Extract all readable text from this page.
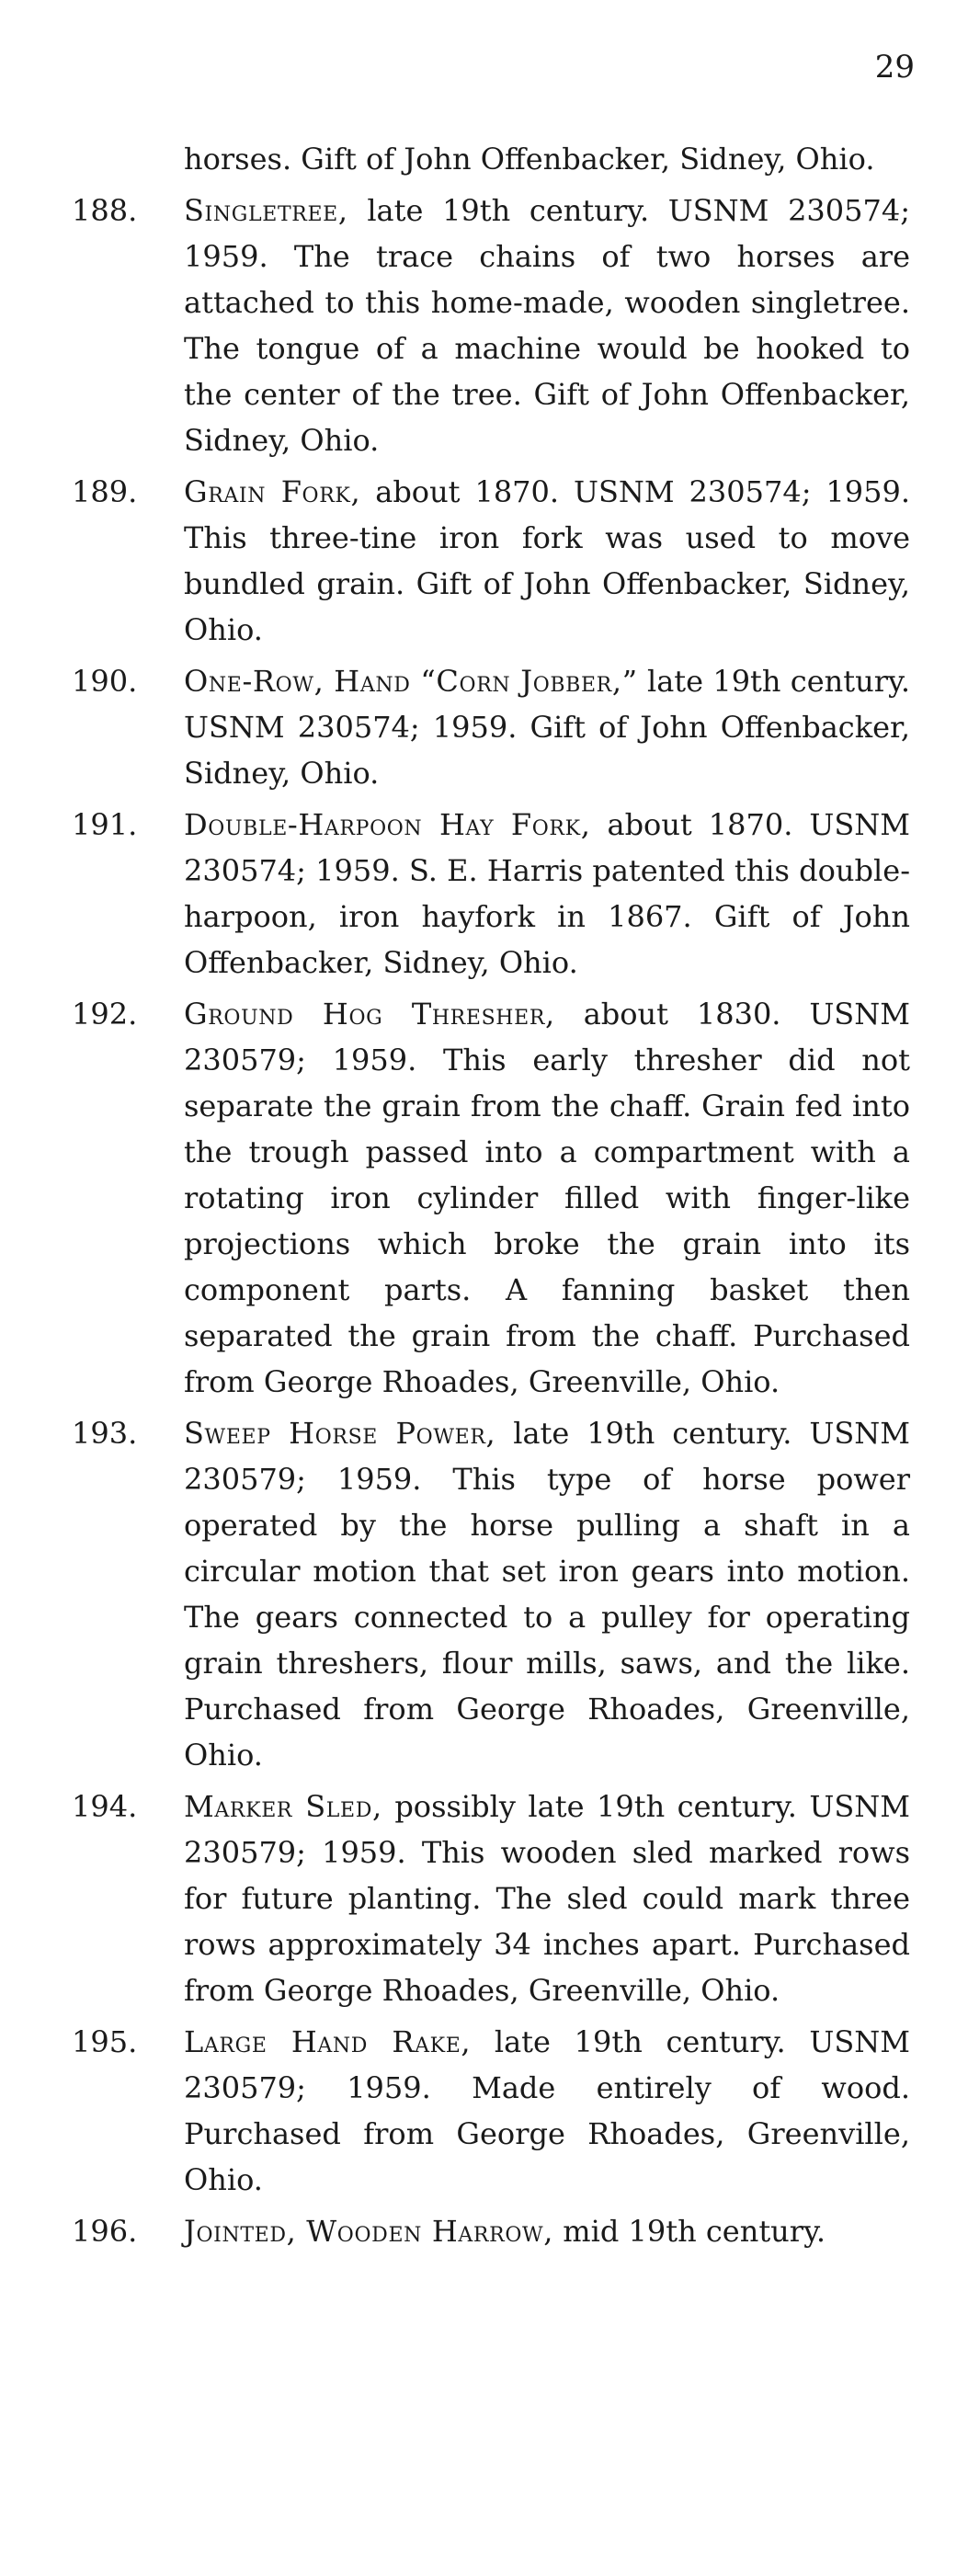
29

horses. Gift of John Offenbacker, Sidney, Ohio.

188. Singletree, late 19th century. USNM 230574; 1959. The trace chains of two horses are attached to this home-made, wooden singletree. The tongue of a machine would be hooked to the center of the tree. Gift of John Offenbacker, Sidney, Ohio.

189. Grain Fork, about 1870. USNM 230574; 1959. This three-tine iron fork was used to move bundled grain. Gift of John Offenbacker, Sidney, Ohio.

190. One-Row, Hand “Corn Jobber,” late 19th century. USNM 230574; 1959. Gift of John Offenbacker, Sidney, Ohio.

191. Double-Harpoon Hay Fork, about 1870. USNM 230574; 1959. S. E. Harris patented this double-harpoon, iron hayfork in 1867. Gift of John Offenbacker, Sidney, Ohio.

192. Ground Hog Thresher, about 1830. USNM 230579; 1959. This early thresher did not separate the grain from the chaff. Grain fed into the trough passed into a compartment with a rotating iron cylinder filled with finger-like projections which broke the grain into its component parts. A fanning basket then separated the grain from the chaff. Purchased from George Rhoades, Greenville, Ohio.

193. Sweep Horse Power, late 19th century. USNM 230579; 1959. This type of horse power operated by the horse pulling a shaft in a circular motion that set iron gears into motion. The gears connected to a pulley for operating grain threshers, flour mills, saws, and the like. Purchased from George Rhoades, Greenville, Ohio.

194. Marker Sled, possibly late 19th century. USNM 230579; 1959. This wooden sled marked rows for future planting. The sled could mark three rows approximately 34 inches apart. Purchased from George Rhoades, Greenville, Ohio.

195. Large Hand Rake, late 19th century. USNM 230579; 1959. Made entirely of wood. Purchased from George Rhoades, Greenville, Ohio.

196. Jointed, Wooden Harrow, mid 19th century.
